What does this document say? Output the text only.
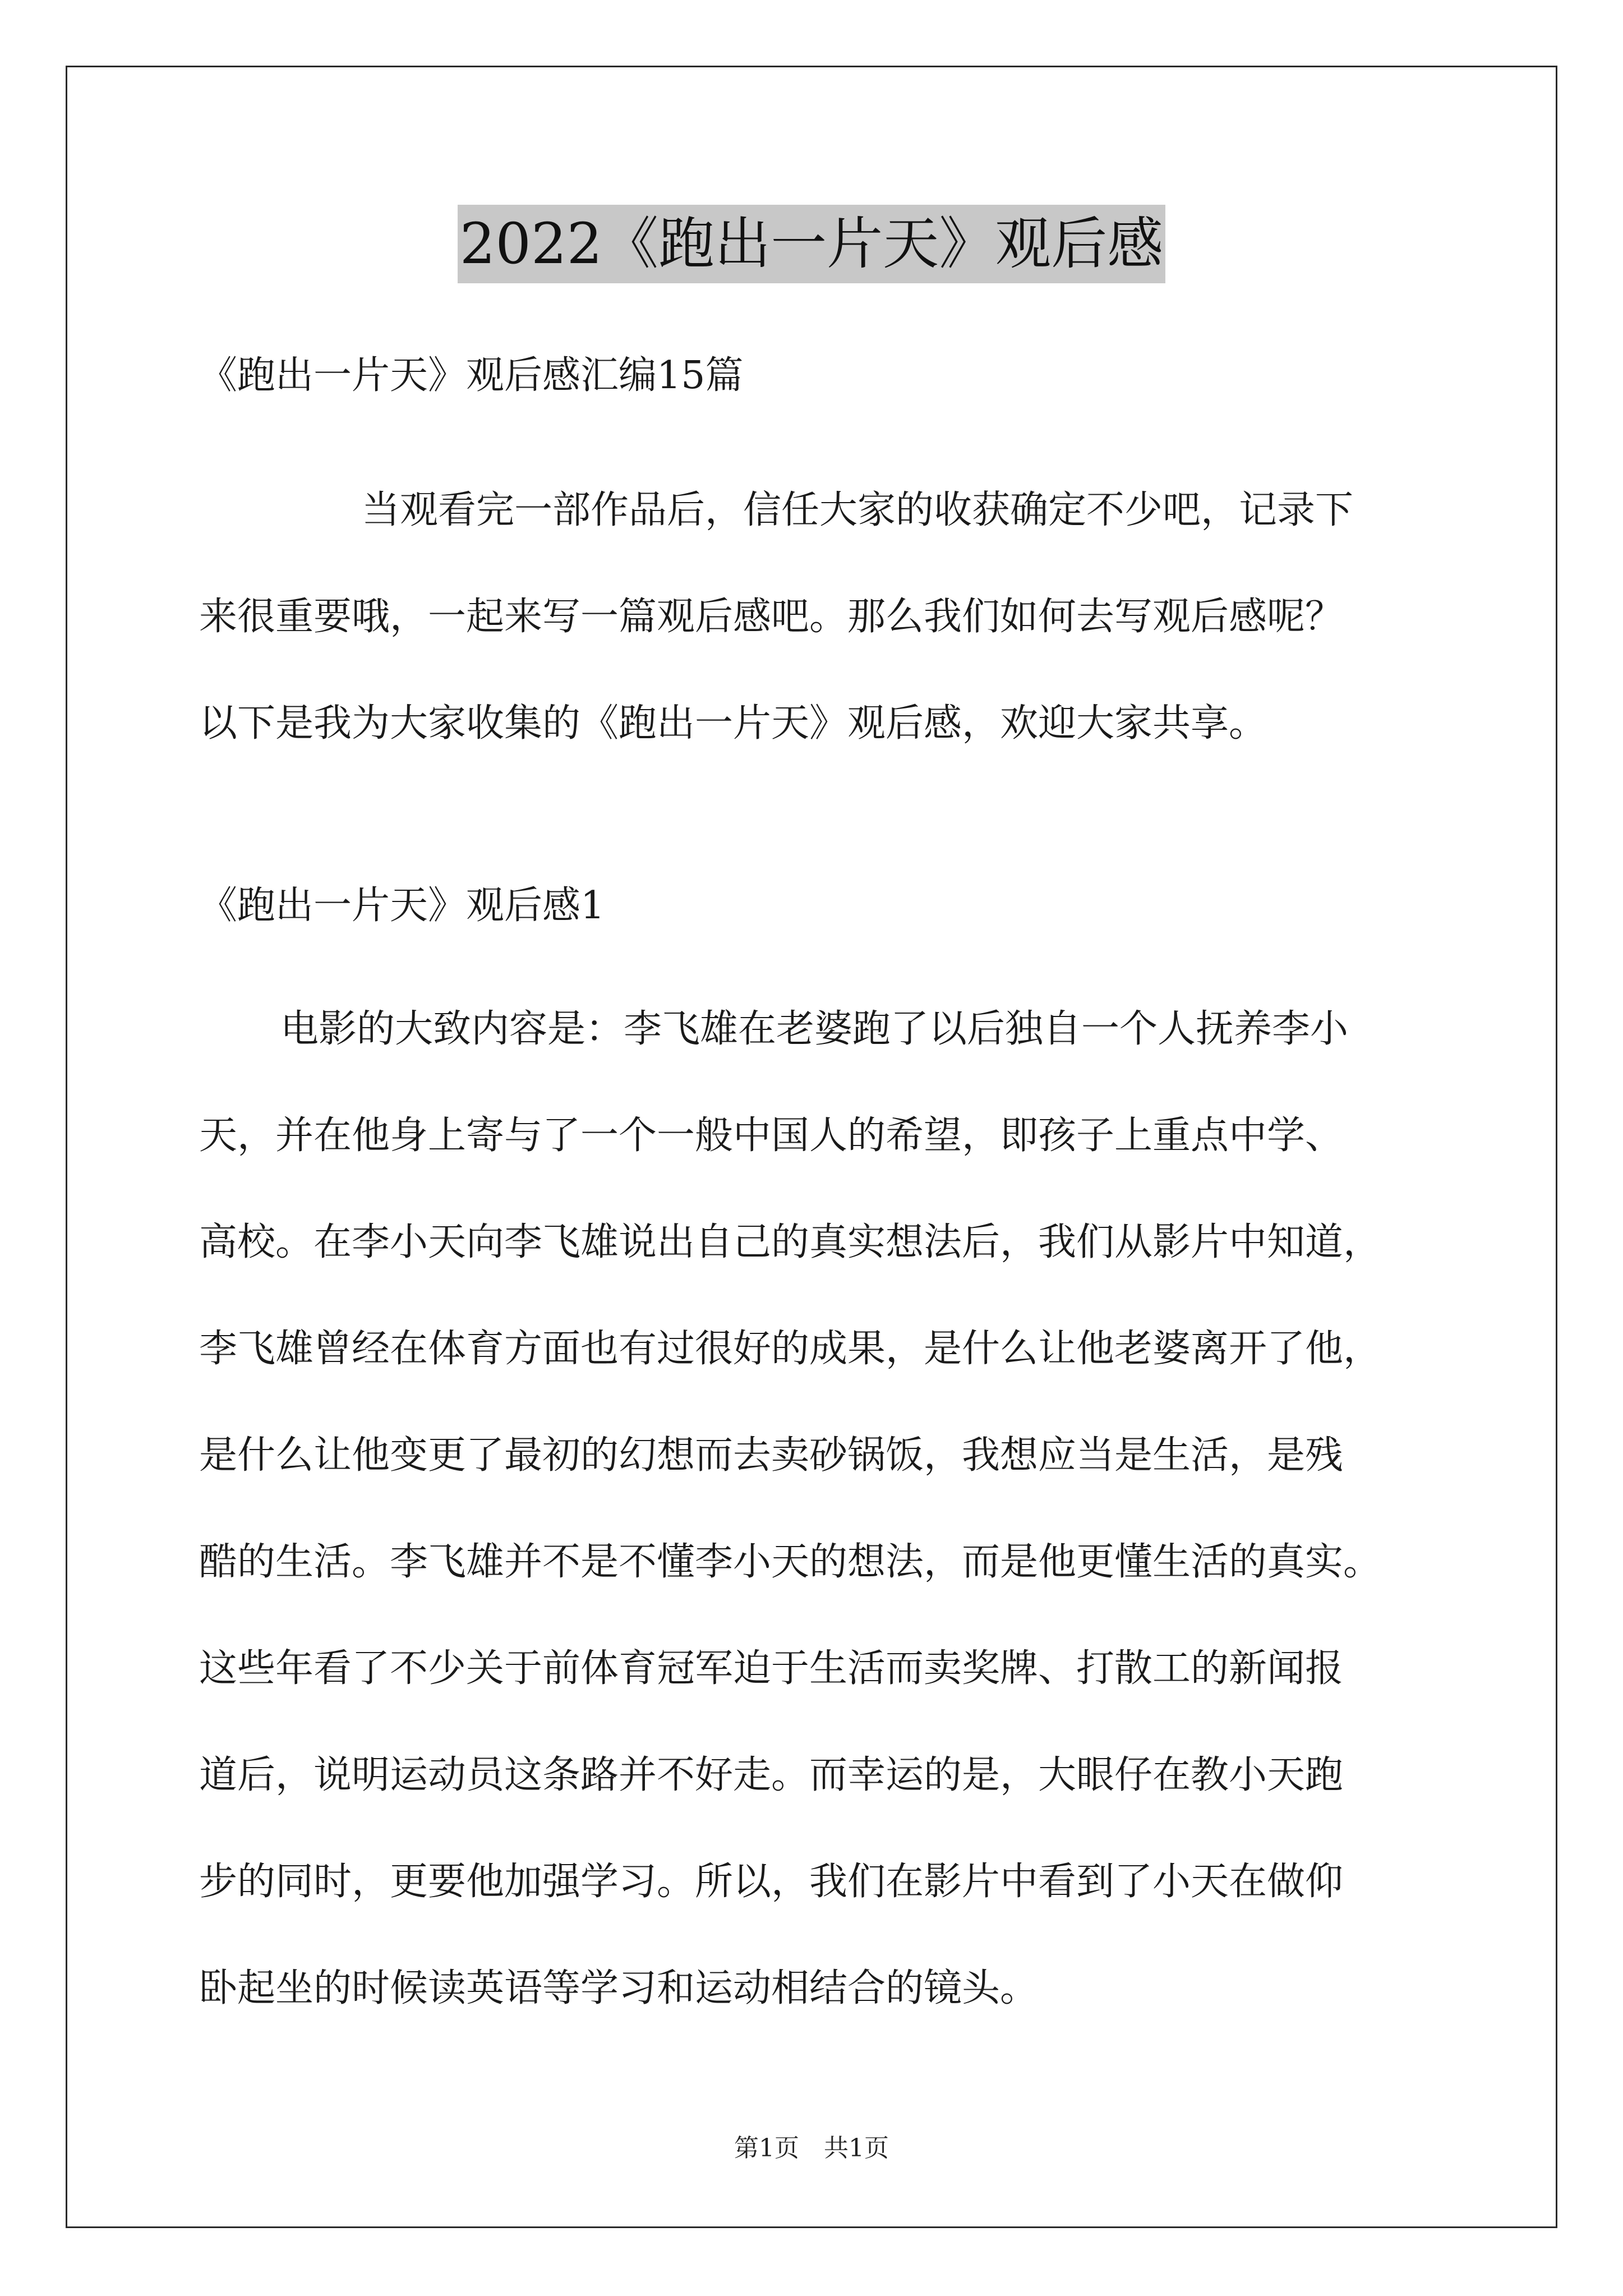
2022《跑出一片天》观后感
《跑出一片天》观后感汇编15篇
当观看完一部作品后，信任大家的收获确定不少吧，记录下
来很重要哦，一起来写一篇观后感吧。那么我们如何去写观后感呢？
以下是我为大家收集的《跑出一片天》观后感，欢迎大家共享。
《跑出一片天》观后感1
电影的大致内容是：李飞雄在老婆跑了以后独自一个人抚养李小
天，并在他身上寄与了一个一般中国人的希望，即孩子上重点中学、
高校。在李小天向李飞雄说出自己的真实想法后，我们从影片中知道，
李飞雄曾经在体育方面也有过很好的成果，是什么让他老婆离开了他，
是什么让他变更了最初的幻想而去卖砂锅饭，我想应当是生活，是残
酷的生活。李飞雄并不是不懂李小天的想法，而是他更懂生活的真实。
这些年看了不少关于前体育冠军迫于生活而卖奖牌、打散工的新闻报
道后，说明运动员这条路并不好走。而幸运的是，大眼仔在教小天跑
步的同时，更要他加强学习。所以，我们在影片中看到了小天在做仰
卧起坐的时候读英语等学习和运动相结合的镜头。
第1页　共1页
